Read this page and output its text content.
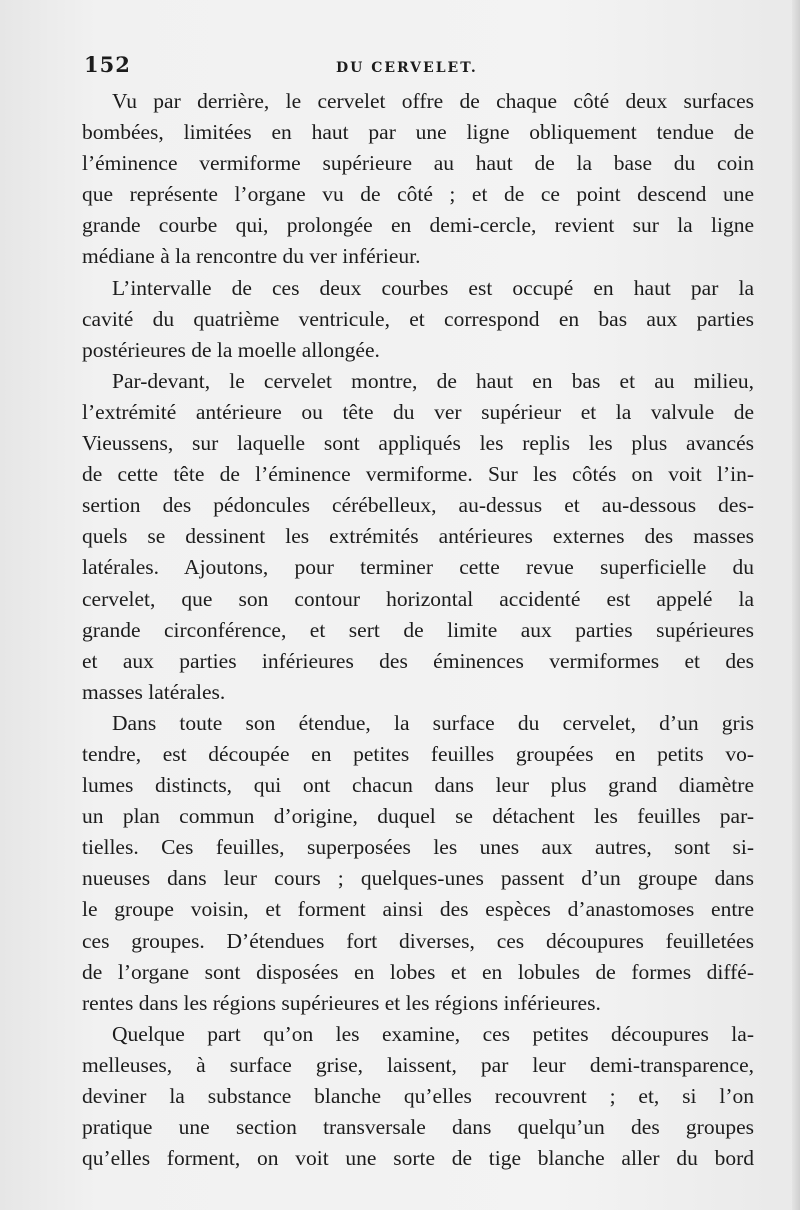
152	DU CERVELET.

Vu par derrière, le cervelet offre de chaque côté deux surfaces
bombées, limitées en haut par une ligne obliquement tendue de
l’éminence vermiforme supérieure au haut de la base du coin
que représente l’organe vu de côté ; et de ce point descend une
grande courbe qui, prolongée en demi-cercle, revient sur la ligne
médiane à la rencontre du ver inférieur.

L’intervalle de ces deux courbes est occupé en haut par la
cavité du quatrième ventricule, et correspond en bas aux parties
postérieures de la moelle allongée.

Par-devant, le cervelet montre, de haut en bas et au milieu,
l’extrémité antérieure ou tête du ver supérieur et la valvule de
Vieussens, sur laquelle sont appliqués les replis les plus avancés
de cette tête de l’éminence vermiforme. Sur les côtés on voit l’in-
sertion des pédoncules cérébelleux, au-dessus et au-dessous des-
quels se dessinent les extrémités antérieures externes des masses
latérales. Ajoutons, pour terminer cette revue superficielle du
cervelet, que son contour horizontal accidenté est appelé la
grande circonférence, et sert de limite aux parties supérieures
et aux parties inférieures des éminences vermiformes et des
masses latérales.

Dans toute son étendue, la surface du cervelet, d’un gris
tendre, est découpée en petites feuilles groupées en petits vo-
lumes distincts, qui ont chacun dans leur plus grand diamètre
un plan commun d’origine, duquel se détachent les feuilles par-
tielles. Ces feuilles, superposées les unes aux autres, sont si-
nueuses dans leur cours ; quelques-unes passent d’un groupe dans
le groupe voisin, et forment ainsi des espèces d’anastomoses entre
ces groupes. D’étendues fort diverses, ces découpures feuilletées
de l’organe sont disposées en lobes et en lobules de formes diffé-
rentes dans les régions supérieures et les régions inférieures.

Quelque part qu’on les examine, ces petites découpures la-
melleuses, à surface grise, laissent, par leur demi-transparence,
deviner la substance blanche qu’elles recouvrent ; et, si l’on
pratique une section transversale dans quelqu’un des groupes
qu’elles forment, on voit une sorte de tige blanche aller du bord
